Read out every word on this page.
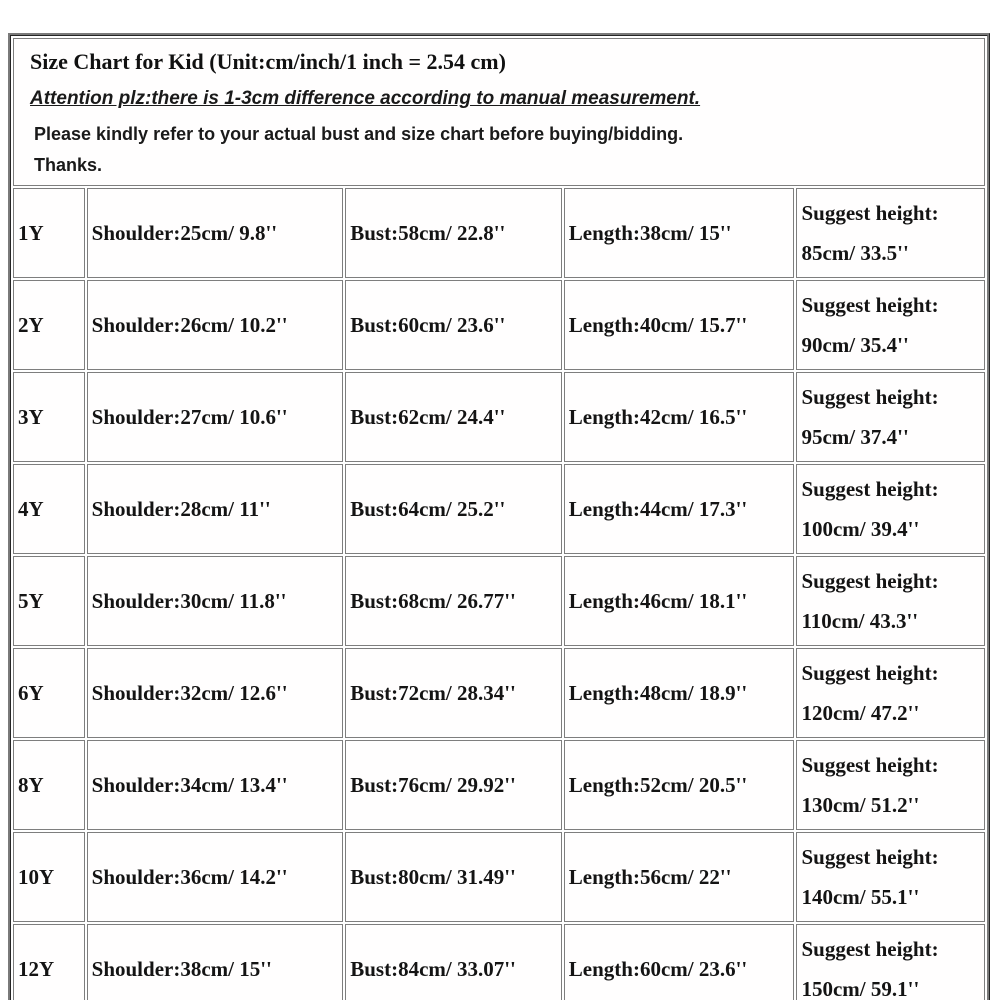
Size Chart for Kid (Unit:cm/inch/1 inch = 2.54 cm)
Attention plz:there is 1-3cm difference according to manual measurement.
Please kindly refer to your actual bust and size chart before buying/bidding.
Thanks.				

1Y	Shoulder:25cm/ 9.8''	Bust:58cm/ 22.8''	Length:38cm/ 15''	Suggest height:
85cm/ 33.5''

2Y	Shoulder:26cm/ 10.2''	Bust:60cm/ 23.6''	Length:40cm/ 15.7''	Suggest height:
90cm/ 35.4''

3Y	Shoulder:27cm/ 10.6''	Bust:62cm/ 24.4''	Length:42cm/ 16.5''	Suggest height:
95cm/ 37.4''

4Y	Shoulder:28cm/ 11''	Bust:64cm/ 25.2''	Length:44cm/ 17.3''	Suggest height:
100cm/ 39.4''

5Y	Shoulder:30cm/ 11.8''	Bust:68cm/ 26.77''	Length:46cm/ 18.1''	Suggest height:
110cm/ 43.3''

6Y	Shoulder:32cm/ 12.6''	Bust:72cm/ 28.34''	Length:48cm/ 18.9''	Suggest height:
120cm/ 47.2''

8Y	Shoulder:34cm/ 13.4''	Bust:76cm/ 29.92''	Length:52cm/ 20.5''	Suggest height:
130cm/ 51.2''

10Y	Shoulder:36cm/ 14.2''	Bust:80cm/ 31.49''	Length:56cm/ 22''	Suggest height:
140cm/ 55.1''

12Y	Shoulder:38cm/ 15''	Bust:84cm/ 33.07''	Length:60cm/ 23.6''	Suggest height:
150cm/ 59.1''
